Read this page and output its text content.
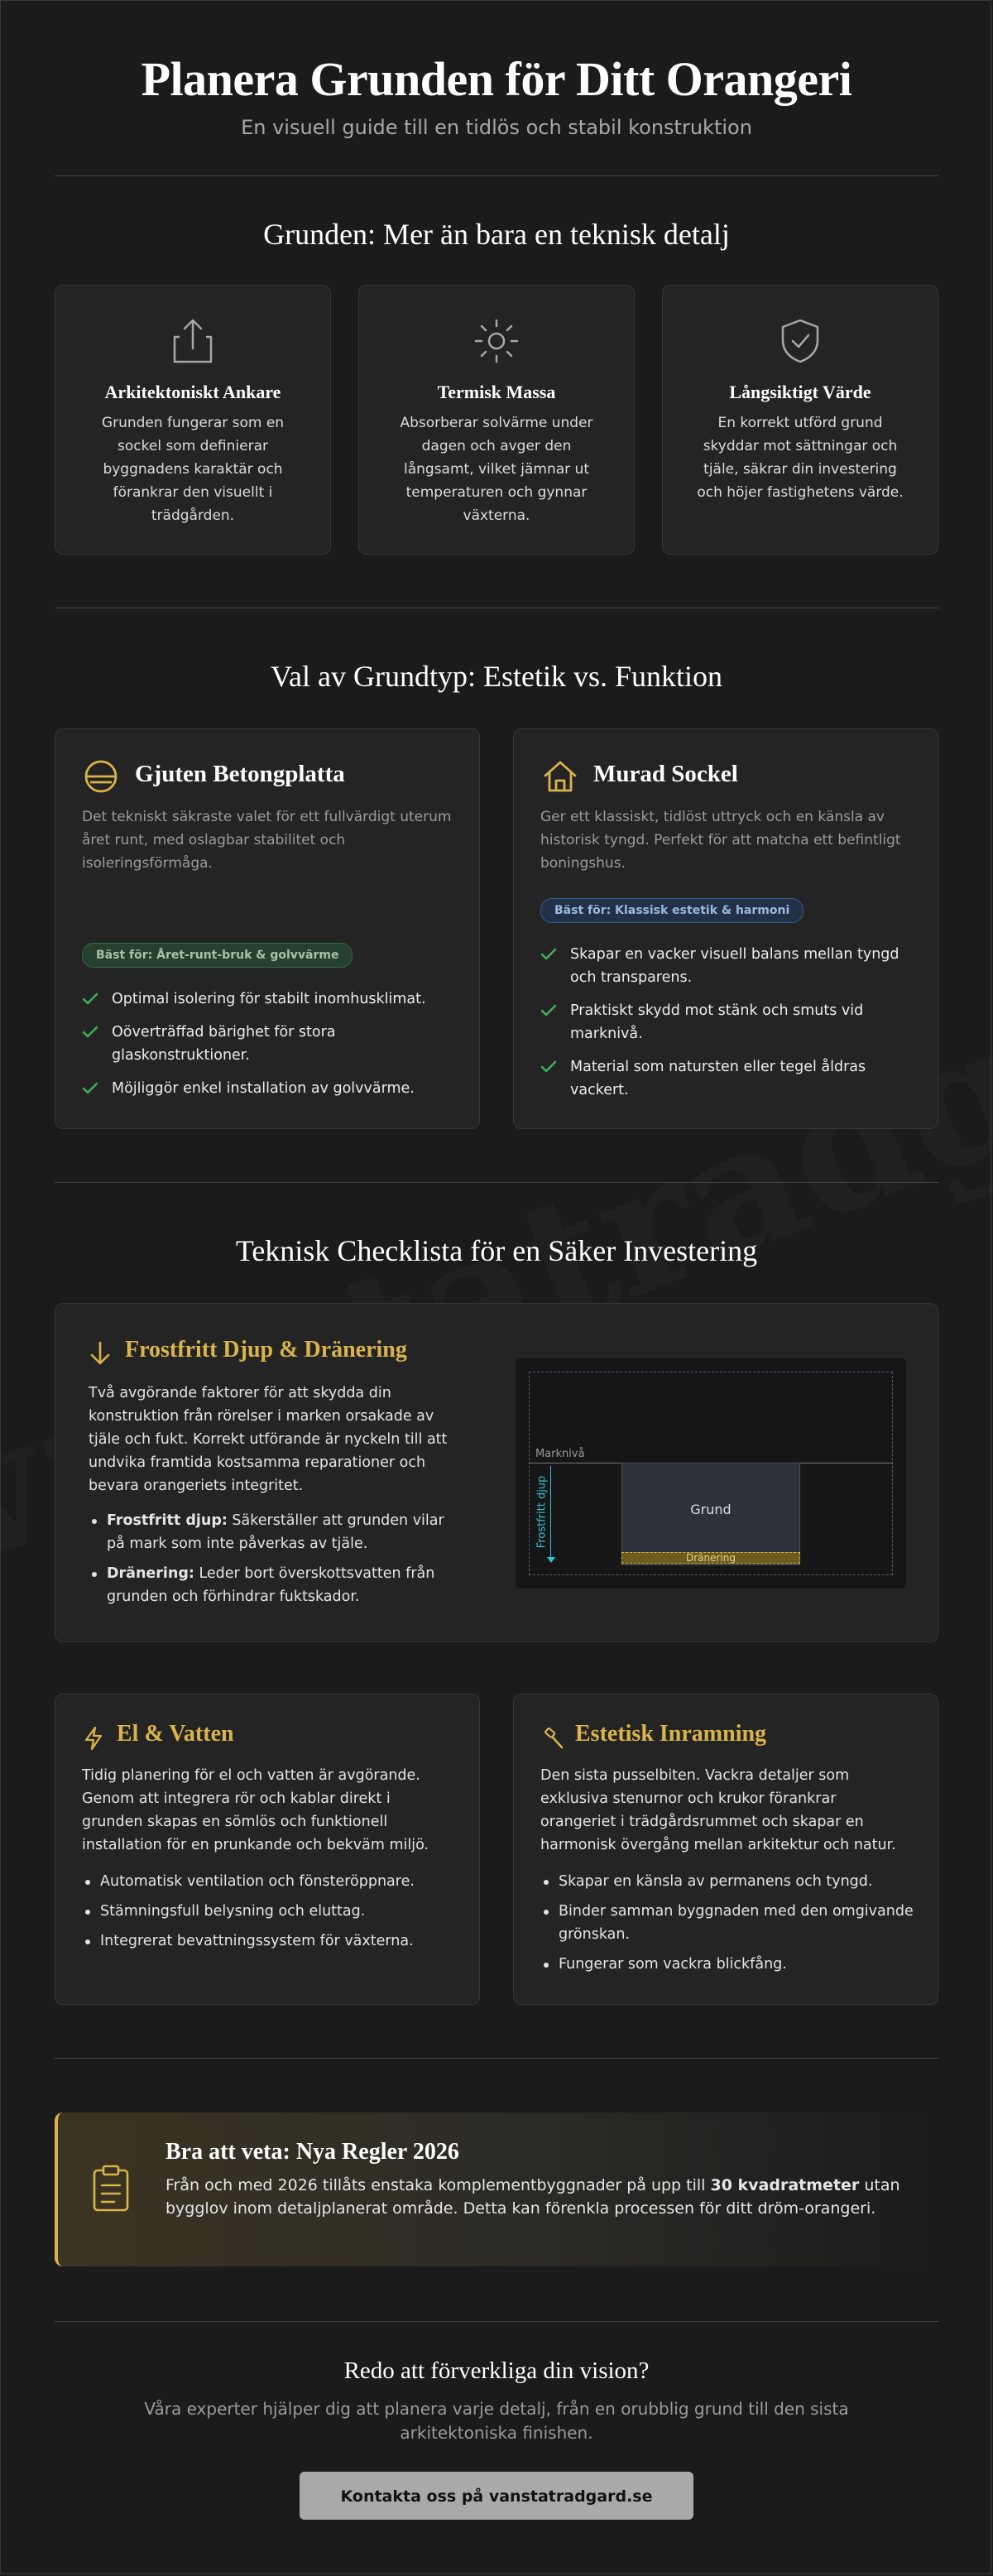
Planera Grunden för Ditt Orangeri
En visuell guide till en tidlös och stabil konstruktion
Grunden: Mer än bara en teknisk detalj
Arkitektoniskt Ankare
Grunden fungerar som en sockel som definierar byggnadens karaktär och förankrar den visuellt i trädgården.
Termisk Massa
Absorberar solvärme under dagen och avger den långsamt, vilket jämnar ut temperaturen och gynnar växterna.
Långsiktigt Värde
En korrekt utförd grund skyddar mot sättningar och tjäle, säkrar din investering och höjer fastighetens värde.
Val av Grundtyp: Estetik vs. Funktion
Gjuten Betongplatta
Det tekniskt säkraste valet för ett fullvärdigt uterum året runt, med oslagbar stabilitet och isoleringsförmåga.
Bäst för: Året-runt-bruk & golvvärme
Optimal isolering för stabilt inomhusklimat.
Oöverträffad bärighet för stora glaskonstruktioner.
Möjliggör enkel installation av golvvärme.
Murad Sockel
Ger ett klassiskt, tidlöst uttryck och en känsla av historisk tyngd. Perfekt för att matcha ett befintligt boningshus.
Bäst för: Klassisk estetik & harmoni
Skapar en vacker visuell balans mellan tyngd och transparens.
Praktiskt skydd mot stänk och smuts vid marknivå.
Material som natursten eller tegel åldras vackert.
Teknisk Checklista för en Säker Investering
Frostfritt Djup & Dränering
Två avgörande faktorer för att skydda din konstruktion från rörelser i marken orsakade av tjäle och fukt. Korrekt utförande är nyckeln till att undvika framtida kostsamma reparationer och bevara orangeriets integritet.
Frostfritt djup: Säkerställer att grunden vilar på mark som inte påverkas av tjäle.
Dränering: Leder bort överskottsvatten från grunden och förhindrar fuktskador.
Marknivå
Frostfritt djup	Grund
Dränering
El & Vatten
Tidig planering för el och vatten är avgörande. Genom att integrera rör och kablar direkt i grunden skapas en sömlös och funktionell installation för en prunkande och bekväm miljö.
Automatisk ventilation och fönsteröppnare.
Stämningsfull belysning och eluttag.
Integrerat bevattningssystem för växterna.
Estetisk Inramning
Den sista pusselbiten. Vackra detaljer som exklusiva stenurnor och krukor förankrar orangeriet i trädgårdsrummet och skapar en harmonisk övergång mellan arkitektur och natur.
Skapar en känsla av permanens och tyngd.
Binder samman byggnaden med den omgivande grönskan.
Fungerar som vackra blickfång.
Bra att veta: Nya Regler 2026
Från och med 2026 tillåts enstaka komplementbyggnader på upp till 30 kvadratmeter utan bygglov inom detaljplanerat område. Detta kan förenkla processen för ditt dröm-orangeri.
Redo att förverkliga din vision?
Våra experter hjälper dig att planera varje detalj, från en orubblig grund till den sista arkitektoniska finishen.
Kontakta oss på vanstatradgard.se
